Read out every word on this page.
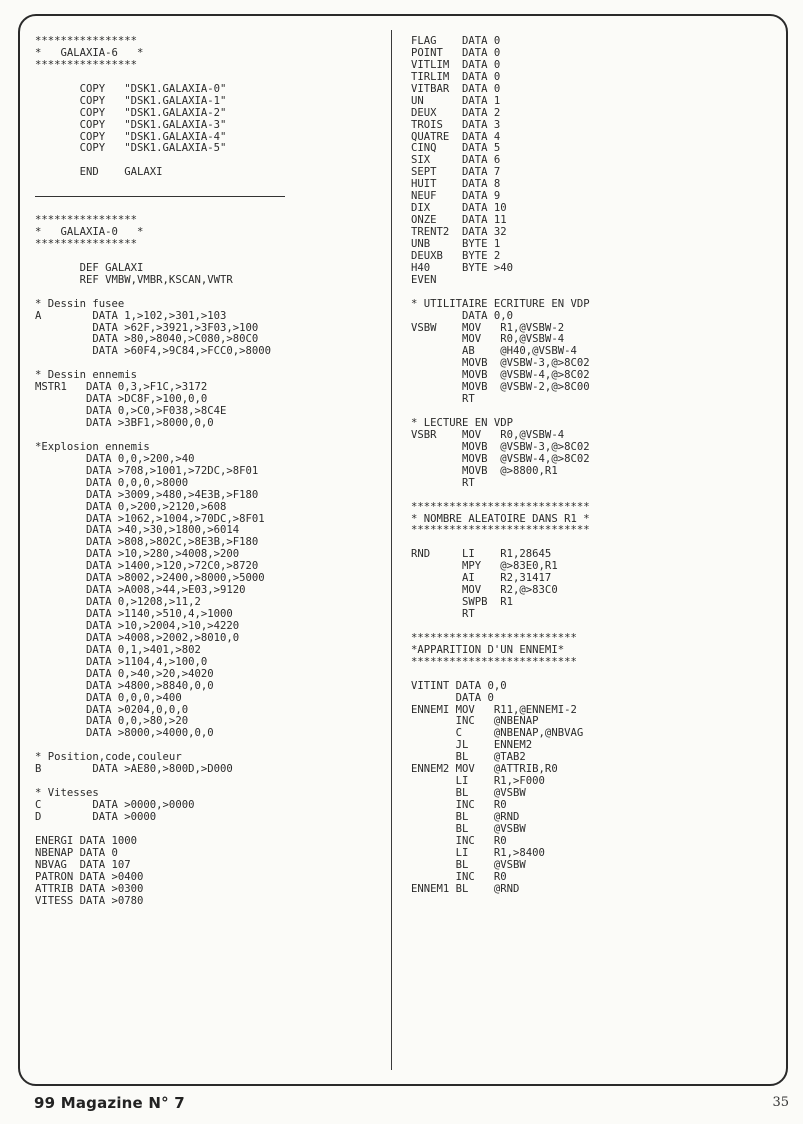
****************
*   GALAXIA-6   *
****************
COPY   "DSK1.GALAXIA-0"
COPY   "DSK1.GALAXIA-1"
COPY   "DSK1.GALAXIA-2"
COPY   "DSK1.GALAXIA-3"
COPY   "DSK1.GALAXIA-4"
COPY   "DSK1.GALAXIA-5"
END    GALAXI
****************
*   GALAXIA-0   *
****************
DEF GALAXI
REF VMBW,VMBR,KSCAN,VWTR
* Dessin fusee
A        DATA 1,>102,>301,>103
DATA >62F,>3921,>3F03,>100
DATA >80,>8040,>C080,>80C0
DATA >60F4,>9C84,>FCC0,>8000
* Dessin ennemis
MSTR1   DATA 0,3,>F1C,>3172
DATA >DC8F,>100,0,0
DATA 0,>C0,>F038,>8C4E
DATA >3BF1,>8000,0,0
*Explosion ennemis
DATA 0,0,>200,>40
DATA >708,>1001,>72DC,>8F01
DATA 0,0,0,>8000
DATA >3009,>480,>4E3B,>F180
DATA 0,>200,>2120,>608
DATA >1062,>1004,>70DC,>8F01
DATA >40,>30,>1800,>6014
DATA >808,>802C,>8E3B,>F180
DATA >10,>280,>4008,>200
DATA >1400,>120,>72C0,>8720
DATA >8002,>2400,>8000,>5000
DATA >A008,>44,>E03,>9120
DATA 0,>1208,>11,2
DATA >1140,>510,4,>1000
DATA >10,>2004,>10,>4220
DATA >4008,>2002,>8010,0
DATA 0,1,>401,>802
DATA >1104,4,>100,0
DATA 0,>40,>20,>4020
DATA >4800,>8840,0,0
DATA 0,0,0,>400
DATA >0204,0,0,0
DATA 0,0,>80,>20
DATA >8000,>4000,0,0
* Position,code,couleur
B        DATA >AE80,>800D,>D000
* Vitesses
C        DATA >0000,>0000
D        DATA >0000
ENERGI DATA 1000
NBENAP DATA 0
NBVAG  DATA 107
PATRON DATA >0400
ATTRIB DATA >0300
VITESS DATA >0780
FLAG    DATA 0
POINT   DATA 0
VITLIM  DATA 0
TIRLIM  DATA 0
VITBAR  DATA 0
UN      DATA 1
DEUX    DATA 2
TROIS   DATA 3
QUATRE  DATA 4
CINQ    DATA 5
SIX     DATA 6
SEPT    DATA 7
HUIT    DATA 8
NEUF    DATA 9
DIX     DATA 10
ONZE    DATA 11
TRENT2  DATA 32
UNB     BYTE 1
DEUXB   BYTE 2
H40     BYTE >40
EVEN
* UTILITAIRE ECRITURE EN VDP
DATA 0,0
VSBW    MOV   R1,@VSBW-2
MOV   R0,@VSBW-4
AB    @H40,@VSBW-4
MOVB  @VSBW-3,@>8C02
MOVB  @VSBW-4,@>8C02
MOVB  @VSBW-2,@>8C00
RT
* LECTURE EN VDP
VSBR    MOV   R0,@VSBW-4
MOVB  @VSBW-3,@>8C02
MOVB  @VSBW-4,@>8C02
MOVB  @>8800,R1
RT
****************************
* NOMBRE ALEATOIRE DANS R1 *
****************************
RND     LI    R1,28645
MPY   @>83E0,R1
AI    R2,31417
MOV   R2,@>83C0
SWPB  R1
RT
**************************
*APPARITION D'UN ENNEMI*
**************************
VITINT DATA 0,0
DATA 0
ENNEMI MOV   R11,@ENNEMI-2
INC   @NBENAP
C     @NBENAP,@NBVAG
JL    ENNEM2
BL    @TAB2
ENNEM2 MOV   @ATTRIB,R0
LI    R1,>F000
BL    @VSBW
INC   R0
BL    @RND
BL    @VSBW
INC   R0
LI    R1,>8400
BL    @VSBW
INC   R0
ENNEM1 BL    @RND
99 Magazine N° 7	35
